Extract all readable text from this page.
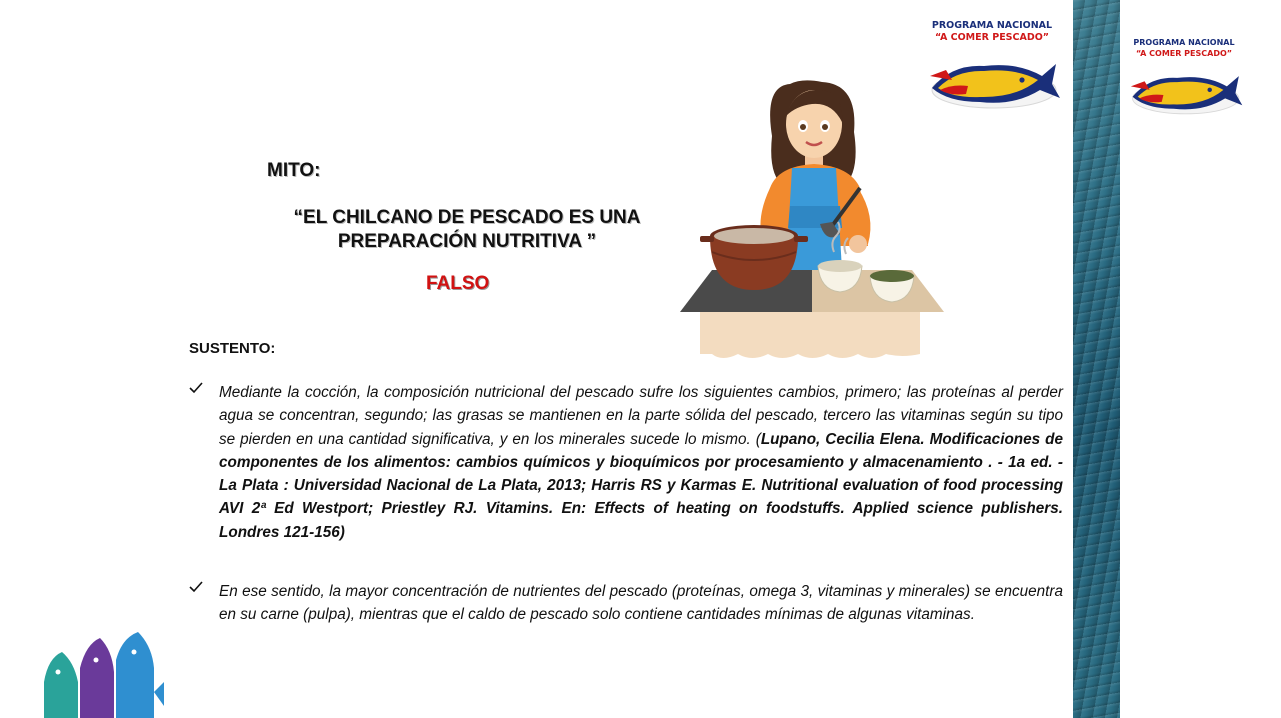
PROGRAMA NACIONAL
“A COMER PESCADO”	PROGRAMA NACIONAL
“A COMER PESCADO”
MITO:
“EL CHILCANO DE PESCADO ES UNA PREPARACIÓN NUTRITIVA ”
FALSO
SUSTENTO:
Mediante la cocción, la composición nutricional del pescado sufre los siguientes cambios, primero; las proteínas al perder agua se concentran, segundo; las grasas se mantienen en la parte sólida del pescado, tercero las vitaminas según su tipo se pierden en una cantidad significativa, y en los minerales sucede lo mismo. (Lupano, Cecilia Elena. Modificaciones de componentes de los alimentos: cambios químicos y bioquímicos por procesamiento y almacenamiento . - 1a ed. - La Plata : Universidad Nacional de La Plata, 2013; Harris RS y Karmas E. Nutritional evaluation of food processing AVI 2ª Ed Westport; Priestley RJ. Vitamins. En: Effects of heating on foodstuffs. Applied science publishers. Londres 121-156)
En ese sentido, la mayor concentración de nutrientes del pescado (proteínas, omega 3, vitaminas y minerales) se encuentra en su carne (pulpa), mientras que el caldo de pescado solo contiene cantidades mínimas de algunas vitaminas.
